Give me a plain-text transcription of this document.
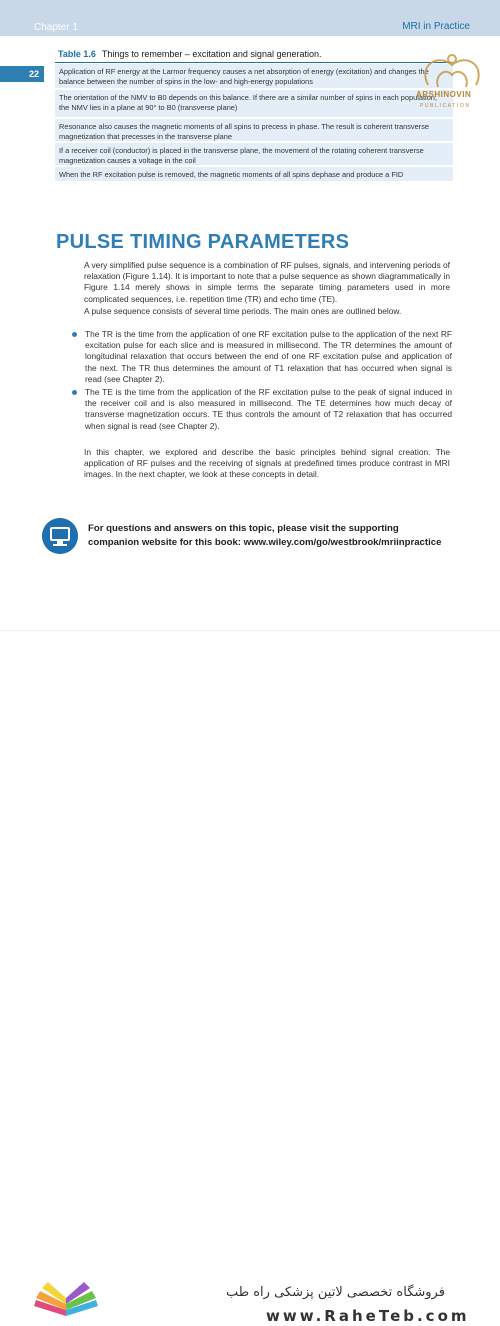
Chapter 1	MRI in Practice
22
Table 1.6 Things to remember – excitation and signal generation.
Application of RF energy at the Larmor frequency causes a net absorption of energy (excitation) and changes the balance between the number of spins in the low- and high-energy populations
The orientation of the NMV to B0 depends on this balance. If there are a similar number of spins in each population, the NMV lies in a plane at 90° to B0 (transverse plane)
Resonance also causes the magnetic moments of all spins to precess in phase. The result is coherent transverse magnetization that precesses in the transverse plane
If a receiver coil (conductor) is placed in the transverse plane, the movement of the rotating coherent transverse magnetization causes a voltage in the coil
When the RF excitation pulse is removed, the magnetic moments of all spins dephase and produce a FID
ARSHINOVIN
PUBLICATION
PULSE TIMING PARAMETERS
A very simplified pulse sequence is a combination of RF pulses, signals, and intervening periods of relaxation (Figure 1.14). It is important to note that a pulse sequence as shown diagrammatically in Figure 1.14 merely shows in simple terms the separate timing parameters used in more complicated sequences, i.e. repetition time (TR) and echo time (TE).
A pulse sequence consists of several time periods. The main ones are outlined below.
The TR is the time from the application of one RF excitation pulse to the application of the next RF excitation pulse for each slice and is measured in millisecond. The TR determines the amount of longitudinal relaxation that occurs between the end of one RF excitation pulse and application of the next. The TR thus determines the amount of T1 relaxation that has occurred when signal is read (see Chapter 2).
The TE is the time from the application of the RF excitation pulse to the peak of signal induced in the receiver coil and is also measured in millisecond. The TE determines how much decay of transverse magnetization occurs. TE thus controls the amount of T2 relaxation that has occurred when signal is read (see Chapter 2).
In this chapter, we explored and describe the basic principles behind signal creation. The application of RF pulses and the receiving of signals at predefined times produce contrast in MRI images. In the next chapter, we look at these concepts in detail.
For questions and answers on this topic, please visit the supporting companion website for this book: www.wiley.com/go/westbrook/mriinpractice
فروشگاه تخصصی لاتین پزشکی راه طب
www.RaheTeb.com
